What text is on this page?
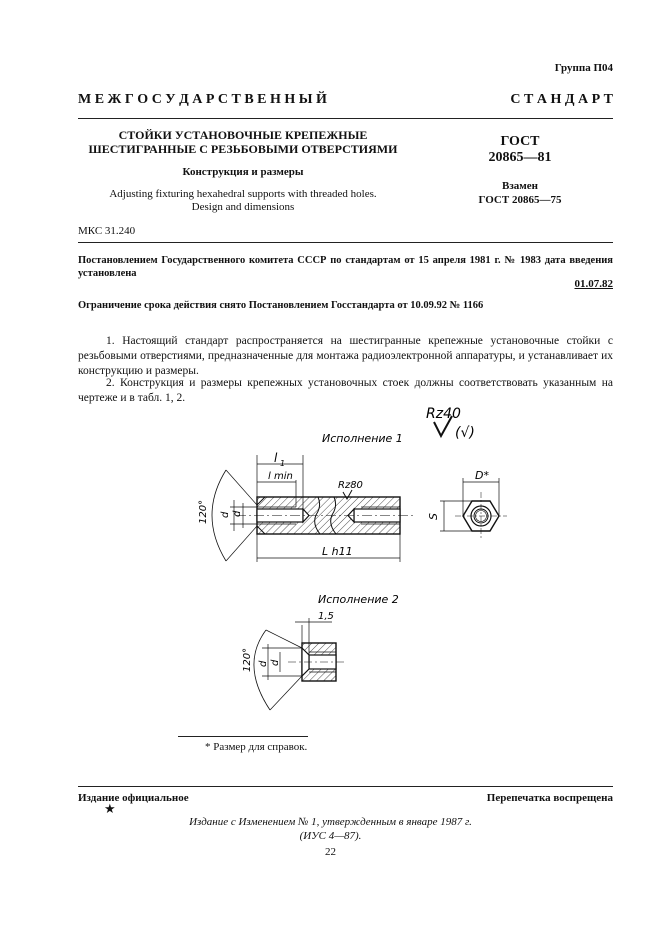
Группа П04
М Е Ж Г О С У Д А Р С Т В Е Н Н Ы Й	С Т А Н Д А Р Т
СТОЙКИ УСТАНОВОЧНЫЕ КРЕПЕЖНЫЕ
ШЕСТИГРАННЫЕ С РЕЗЬБОВЫМИ ОТВЕРСТИЯМИ
Конструкция и размеры
Adjusting fixturing hexahedral supports with threaded holes.
Design and dimensions
ГОСТ
20865—81
Взамен
ГОСТ 20865—75
МКС 31.240
Постановлением Государственного комитета СССР по стандартам от 15 апреля 1981 г. № 1983 дата введения установлена
01.07.82
Ограничение срока действия снято Постановлением Госстандарта от 10.09.92 № 1166
1. Настоящий стандарт распространяется на шестигранные крепежные установочные стойки с резьбовыми отверстиями, предназначенные для монтажа радиоэлектронной аппаратуры, и устанавливает их конструкцию и размеры.
2. Конструкция и размеры крепежных установочных стоек должны соответствовать указанным на чертеже и в табл. 1, 2.
Rz40
(√)
Исполнение 1
l 1
l min
Rz80
L h11
d d
120°
D*
S
Исполнение 2
1,5
d d
120°
* Размер для справок.
Издание официальное	Перепечатка воспрещена
★
Издание с Изменением № 1, утвержденным в январе 1987 г.
(ИУС 4—87).
22
